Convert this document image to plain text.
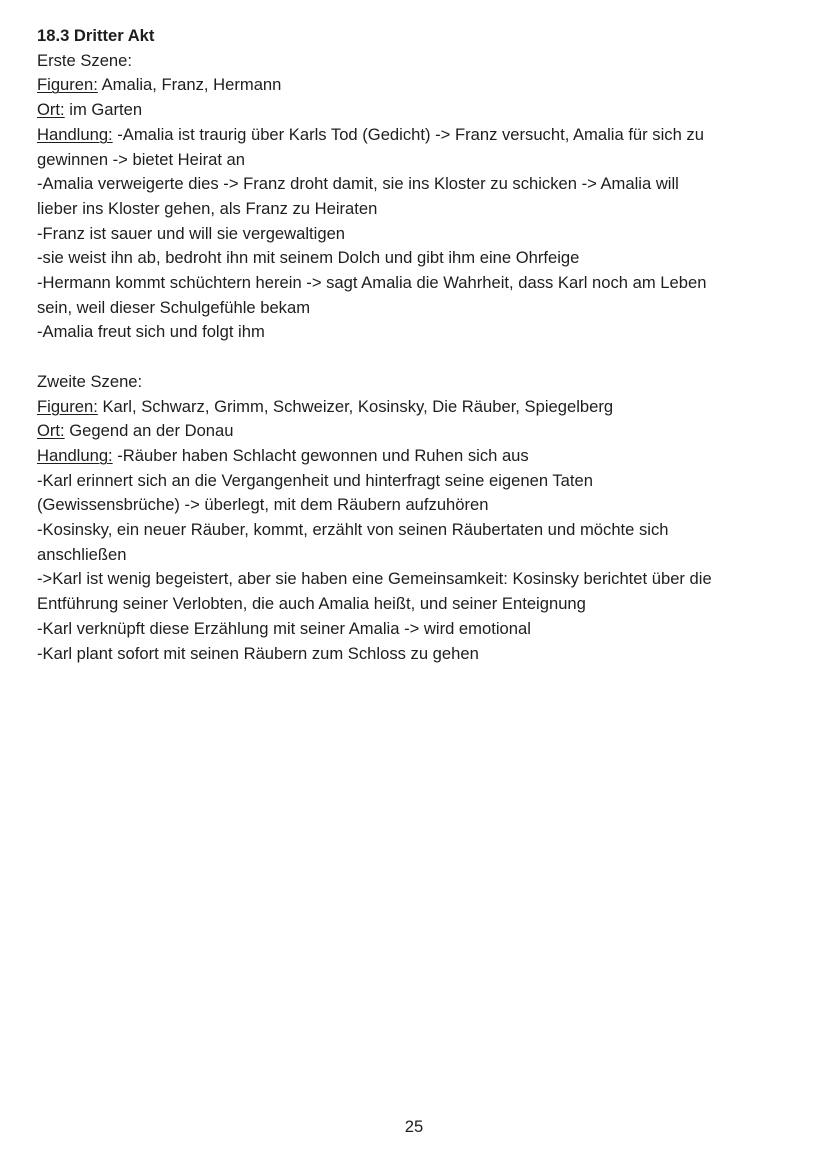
18.3 Dritter Akt
Erste Szene:
Figuren: Amalia, Franz, Hermann
Ort: im Garten
Handlung: -Amalia ist traurig über Karls Tod (Gedicht) -> Franz versucht, Amalia für sich zu
gewinnen -> bietet Heirat an
-Amalia verweigerte dies -> Franz droht damit, sie ins Kloster zu schicken -> Amalia will
lieber ins Kloster gehen, als Franz zu Heiraten
-Franz ist sauer und will sie vergewaltigen
-sie weist ihn ab, bedroht ihn mit seinem Dolch und gibt ihm eine Ohrfeige
-Hermann kommt schüchtern herein -> sagt Amalia die Wahrheit, dass Karl noch am Leben
sein, weil dieser Schulgefühle bekam
-Amalia freut sich und folgt ihm
Zweite Szene:
Figuren: Karl, Schwarz, Grimm, Schweizer, Kosinsky, Die Räuber, Spiegelberg
Ort: Gegend an der Donau
Handlung: -Räuber haben Schlacht gewonnen und Ruhen sich aus
-Karl erinnert sich an die Vergangenheit und hinterfragt seine eigenen Taten
(Gewissensbrüche) -> überlegt, mit dem Räubern aufzuhören
-Kosinsky, ein neuer Räuber, kommt, erzählt von seinen Räubertaten und möchte sich
anschließen
->Karl ist wenig begeistert, aber sie haben eine Gemeinsamkeit: Kosinsky berichtet über die
Entführung seiner Verlobten, die auch Amalia heißt, und seiner Enteignung
-Karl verknüpft diese Erzählung mit seiner Amalia -> wird emotional
-Karl plant sofort mit seinen Räubern zum Schloss zu gehen
25
